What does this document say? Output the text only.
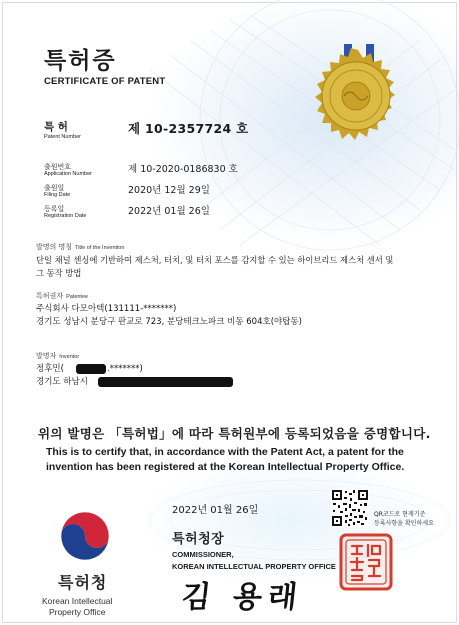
특허증
CERTIFICATE OF PATENT
특 허
Patent Number
제 10-2357724 호
출원번호
Application Number	제 10-2020-0186830 호
출원일
Filing Date	2020년 12월 29일
등록일
Registration Date	2022년 01월 26일
발명의 명칭 Title of the Invention
단일 채널 센싱에 기반하여 제스처, 터치, 및 터치 포스를 감지할 수 있는 하이브리드 제스처 센서 및
그 동작 방법
특허권자 Patentee
주식회사 다모아텍(131111-*******)
경기도 성남시 분당구 판교로 723, 분당테크노파크 비동 604호(야탑동)
발명자 Inventor
정후민(	.*******)
경기도 하남시
위의 발명은 「특허법」에 따라 특허원부에 등록되었음을 증명합니다.
This is to certify that, in accordance with the Patent Act, a patent for the invention has been registered at the Korean Intellectual Property Office.
2022년 01월 26일	QR코드로 현재기준
등록사항을 확인하세요
특허청장
COMMISSIONER,
KOREAN INTELLECTUAL PROPERTY OFFICE
김 용래
특허청
Korean Intellectual
Property Office
